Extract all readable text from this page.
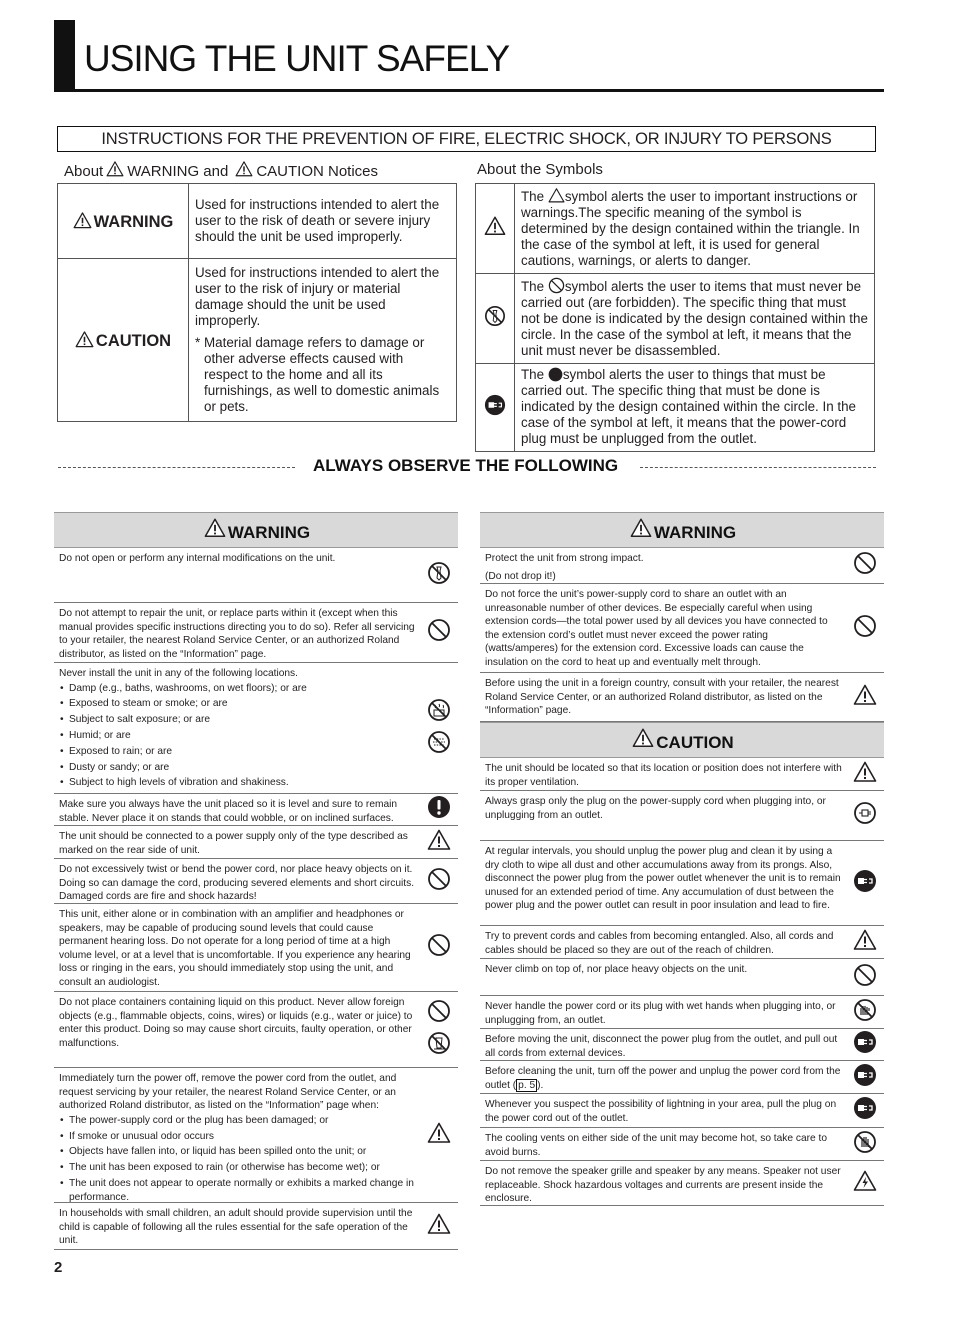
USING THE UNIT SAFELY
INSTRUCTIONS FOR THE PREVENTION OF FIRE, ELECTRIC SHOCK, OR INJURY TO PERSONS
About WARNING and CAUTION Notices	About the Symbols
WARNING	Used for instructions intended to alert the user to the risk of death or severe injury should the unit be used improperly.
CAUTION	Used for instructions intended to alert the user to the risk of injury or material damage should the unit be used improperly.
* Material damage refers to damage or other adverse effects caused with respect to the home and all its furnishings, as well to domestic animals or pets.
	The symbol alerts the user to important instructions or warnings.The specific meaning of the symbol is determined by the design contained within the triangle. In the case of the symbol at left, it is used for general cautions, warnings, or alerts to danger.
	The symbol alerts the user to items that must never be carried out (are forbidden). The specific thing that must not be done is indicated by the design contained within the circle. In the case of the symbol at left, it means that the unit must never be disassembled.
	The symbol alerts the user to things that must be carried out. The specific thing that must be done is indicated by the design contained within the circle. In the case of the symbol at left, it means that the power-cord plug must be unplugged from the outlet.
ALWAYS OBSERVE THE FOLLOWING
WARNING

Do not open or perform any internal modifications on the unit.

Do not attempt to repair the unit, or replace parts within it (except when this manual provides specific instructions directing you to do so). Refer all servicing to your retailer, the nearest Roland Service Center, or an authorized Roland distributor, as listed on the “Information” page.

Never install the unit in any of the following locations.

• Damp (e.g., baths, washrooms, on wet floors); or are
• Exposed to steam or smoke; or are
• Subject to salt exposure; or are
• Humid; or are
• Exposed to rain; or are
• Dusty or sandy; or are
• Subject to high levels of vibration and shakiness.

Make sure you always have the unit placed so it is level and sure to remain stable. Never place it on stands that could wobble, or on inclined surfaces.

The unit should be connected to a power supply only of the type described as marked on the rear side of unit.

Do not excessively twist or bend the power cord, nor place heavy objects on it. Doing so can damage the cord, producing severed elements and short circuits. Damaged cords are fire and shock hazards!

This unit, either alone or in combination with an amplifier and headphones or speakers, may be capable of producing sound levels that could cause permanent hearing loss. Do not operate for a long period of time at a high volume level, or at a level that is uncomfortable. If you experience any hearing loss or ringing in the ears, you should immediately stop using the unit, and consult an audiologist.

Do not place containers containing liquid on this product. Never allow foreign objects (e.g., flammable objects, coins, wires) or liquids (e.g., water or juice) to enter this product. Doing so may cause short circuits, faulty operation, or other malfunctions.

Immediately turn the power off, remove the power cord from the outlet, and request servicing by your retailer, the nearest Roland Service Center, or an authorized Roland distributor, as listed on the “Information” page when:

• The power-supply cord or the plug has been damaged; or
• If smoke or unusual odor occurs
• Objects have fallen into, or liquid has been spilled onto the unit; or
• The unit has been exposed to rain (or otherwise has become wet); or
• The unit does not appear to operate normally or exhibits a marked change in performance.

In households with small children, an adult should provide supervision until the child is capable of following all the rules essential for the safe operation of the unit.

WARNING

Protect the unit from strong impact.

(Do not drop it!)

Do not force the unit’s power-supply cord to share an outlet with an unreasonable number of other devices. Be especially careful when using extension cords—the total power used by all devices you have connected to the extension cord’s outlet must never exceed the power rating (watts/amperes) for the extension cord. Excessive loads can cause the insulation on the cord to heat up and eventually melt through.

Before using the unit in a foreign country, consult with your retailer, the nearest Roland Service Center, or an authorized Roland distributor, as listed on the “Information” page.

CAUTION

The unit should be located so that its location or position does not interfere with its proper ventilation.

Always grasp only the plug on the power-supply cord when plugging into, or unplugging from an outlet.

At regular intervals, you should unplug the power plug and clean it by using a dry cloth to wipe all dust and other accumulations away from its prongs. Also, disconnect the power plug from the power outlet whenever the unit is to remain unused for an extended period of time. Any accumulation of dust between the power plug and the power outlet can result in poor insulation and lead to fire.

Try to prevent cords and cables from becoming entangled. Also, all cords and cables should be placed so they are out of the reach of children.

Never climb on top of, nor place heavy objects on the unit.

Never handle the power cord or its plug with wet hands when plugging into, or unplugging from, an outlet.

Before moving the unit, disconnect the power plug from the outlet, and pull out all cords from external devices.

Before cleaning the unit, turn off the power and unplug the power cord from the outlet ( p. 5 ).

Whenever you suspect the possibility of lightning in your area, pull the plug on the power cord out of the outlet.

The cooling vents on either side of the unit may become hot, so take care to avoid burns.

Do not remove the speaker grille and speaker by any means. Speaker not user replaceable. Shock hazardous voltages and currents are present inside the enclosure.

2
